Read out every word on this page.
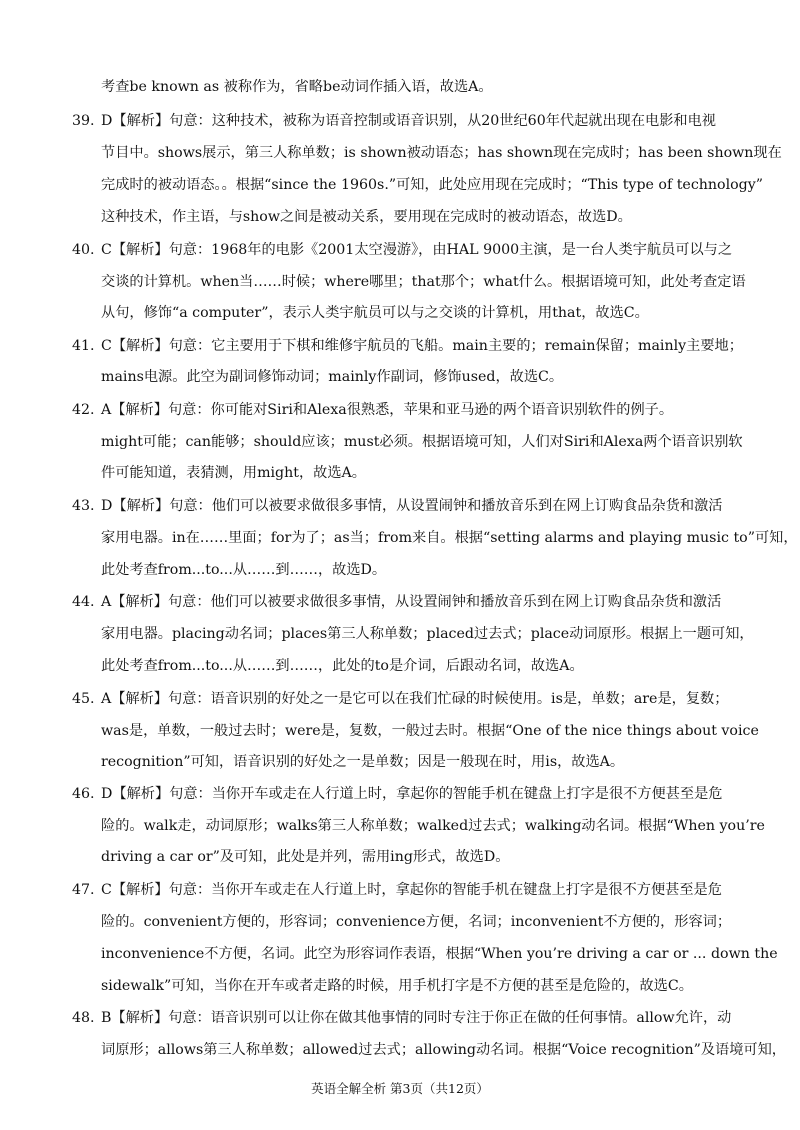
考查be known as 被称作为，省略be动词作插入语，故选A。
39. D【解析】句意：这种技术，被称为语音控制或语音识别，从20世纪60年代起就出现在电影和电视
节目中。shows展示，第三人称单数；is shown被动语态；has shown现在完成时；has been shown现在
完成时的被动语态。。根据“since the 1960s.”可知，此处应用现在完成时；“This type of technology”
这种技术，作主语，与show之间是被动关系，要用现在完成时的被动语态，故选D。
40. C【解析】句意：1968年的电影《2001太空漫游》，由HAL 9000主演，是一台人类宇航员可以与之
交谈的计算机。when当……时候；where哪里；that那个；what什么。根据语境可知，此处考查定语
从句，修饰“a computer”，表示人类宇航员可以与之交谈的计算机，用that，故选C。
41. C【解析】句意：它主要用于下棋和维修宇航员的飞船。main主要的；remain保留；mainly主要地；
mains电源。此空为副词修饰动词；mainly作副词，修饰used，故选C。
42. A【解析】句意：你可能对Siri和Alexa很熟悉，苹果和亚马逊的两个语音识别软件的例子。
might可能；can能够；should应该；must必须。根据语境可知，人们对Siri和Alexa两个语音识别软
件可能知道，表猜测，用might，故选A。
43. D【解析】句意：他们可以被要求做很多事情，从设置闹钟和播放音乐到在网上订购食品杂货和激活
家用电器。in在……里面；for为了；as当；from来自。根据“setting alarms and playing music to”可知，
此处考查from...to...从……到……，故选D。
44. A【解析】句意：他们可以被要求做很多事情，从设置闹钟和播放音乐到在网上订购食品杂货和激活
家用电器。placing动名词；places第三人称单数；placed过去式；place动词原形。根据上一题可知，
此处考查from...to...从……到……，此处的to是介词，后跟动名词，故选A。
45. A【解析】句意：语音识别的好处之一是它可以在我们忙碌的时候使用。is是，单数；are是，复数；
was是，单数，一般过去时；were是，复数，一般过去时。根据“One of the nice things about voice
recognition”可知，语音识别的好处之一是单数；因是一般现在时，用is，故选A。
46. D【解析】句意：当你开车或走在人行道上时，拿起你的智能手机在键盘上打字是很不方便甚至是危
险的。walk走，动词原形；walks第三人称单数；walked过去式；walking动名词。根据“When you’re
driving a car or”及可知，此处是并列，需用ing形式，故选D。
47. C【解析】句意：当你开车或走在人行道上时，拿起你的智能手机在键盘上打字是很不方便甚至是危
险的。convenient方便的，形容词；convenience方便，名词；inconvenient不方便的，形容词；
inconvenience不方便，名词。此空为形容词作表语，根据“When you’re driving a car or ... down the
sidewalk”可知，当你在开车或者走路的时候，用手机打字是不方便的甚至是危险的，故选C。
48. B【解析】句意：语音识别可以让你在做其他事情的同时专注于你正在做的任何事情。allow允许，动
词原形；allows第三人称单数；allowed过去式；allowing动名词。根据“Voice recognition”及语境可知，
英语全解全析 第3页（共12页）
